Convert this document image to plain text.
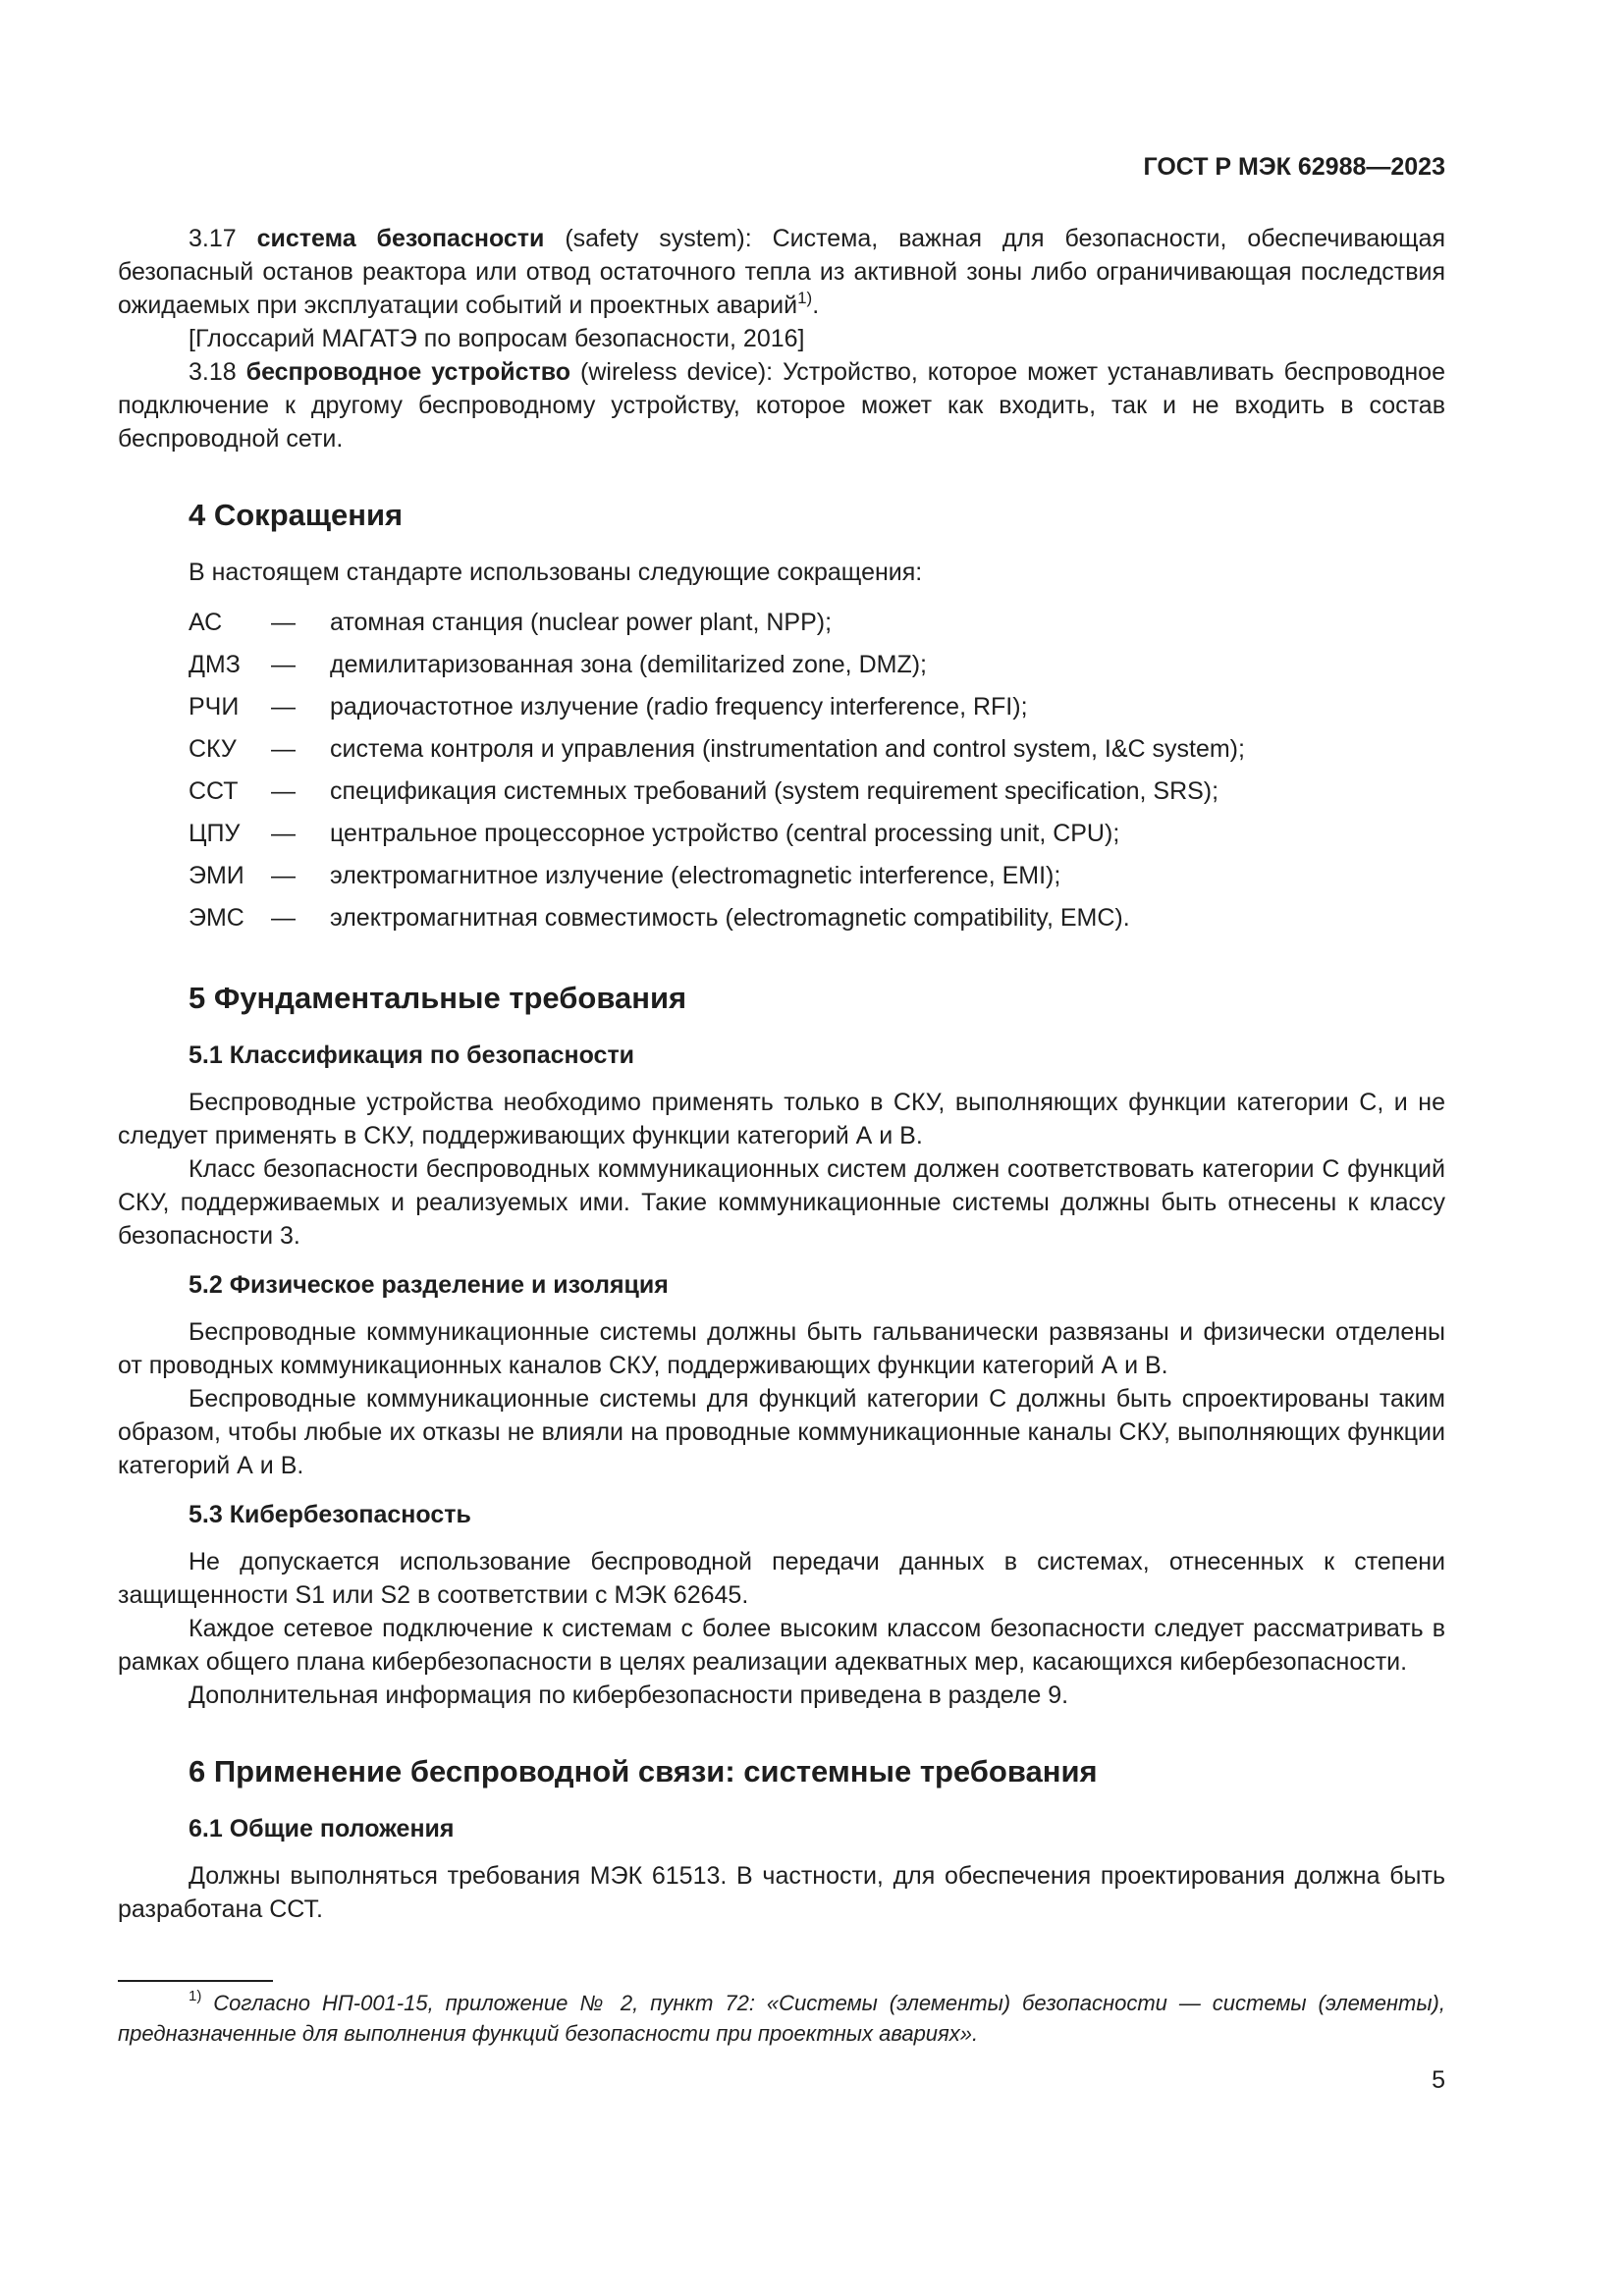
ГОСТ Р МЭК 62988—2023

3.17 система безопасности (safety system): Система, важная для безопасности, обеспечивающая безопасный останов реактора или отвод остаточного тепла из активной зоны либо ограничивающая последствия ожидаемых при эксплуатации событий и проектных аварий$^{1)}$.

[Глоссарий МАГАТЭ по вопросам безопасности, 2016]

3.18 беспроводное устройство (wireless device): Устройство, которое может устанавливать беспроводное подключение к другому беспроводному устройству, которое может как входить, так и не входить в состав беспроводной сети.

4 Сокращения

В настоящем стандарте использованы следующие сокращения:

АС	—	атомная станция (nuclear power plant, NPP);
ДМЗ	—	демилитаризованная зона (demilitarized zone, DMZ);
РЧИ	—	радиочастотное излучение (radio frequency interference, RFI);
СКУ	—	система контроля и управления (instrumentation and control system, I&C system);
ССТ	—	спецификация системных требований (system requirement specification, SRS);
ЦПУ	—	центральное процессорное устройство (central processing unit, CPU);
ЭМИ	—	электромагнитное излучение (electromagnetic interference, EMI);
ЭМС	—	электромагнитная совместимость (electromagnetic compatibility, EMC).
5 Фундаментальные требования
5.1 Классификация по безопасности

Беспроводные устройства необходимо применять только в СКУ, выполняющих функции категории С, и не следует применять в СКУ, поддерживающих функции категорий А и В.

Класс безопасности беспроводных коммуникационных систем должен соответствовать категории С функций СКУ, поддерживаемых и реализуемых ими. Такие коммуникационные системы должны быть отнесены к классу безопасности 3.

5.2 Физическое разделение и изоляция

Беспроводные коммуникационные системы должны быть гальванически развязаны и физически отделены от проводных коммуникационных каналов СКУ, поддерживающих функции категорий А и В.

Беспроводные коммуникационные системы для функций категории С должны быть спроектированы таким образом, чтобы любые их отказы не влияли на проводные коммуникационные каналы СКУ, выполняющих функции категорий А и В.

5.3 Кибербезопасность

Не допускается использование беспроводной передачи данных в системах, отнесенных к степени защищенности S1 или S2 в соответствии с МЭК 62645.

Каждое сетевое подключение к системам с более высоким классом безопасности следует рассматривать в рамках общего плана кибербезопасности в целях реализации адекватных мер, касающихся кибербезопасности.

Дополнительная информация по кибербезопасности приведена в разделе 9.

6 Применение беспроводной связи: системные требования
6.1 Общие положения

Должны выполняться требования МЭК 61513. В частности, для обеспечения проектирования должна быть разработана ССТ.

$^{1)}$ Согласно НП-001-15, приложение № 2, пункт 72: «Системы (элементы) безопасности — системы (элементы), предназначенные для выполнения функций безопасности при проектных авариях».

5
